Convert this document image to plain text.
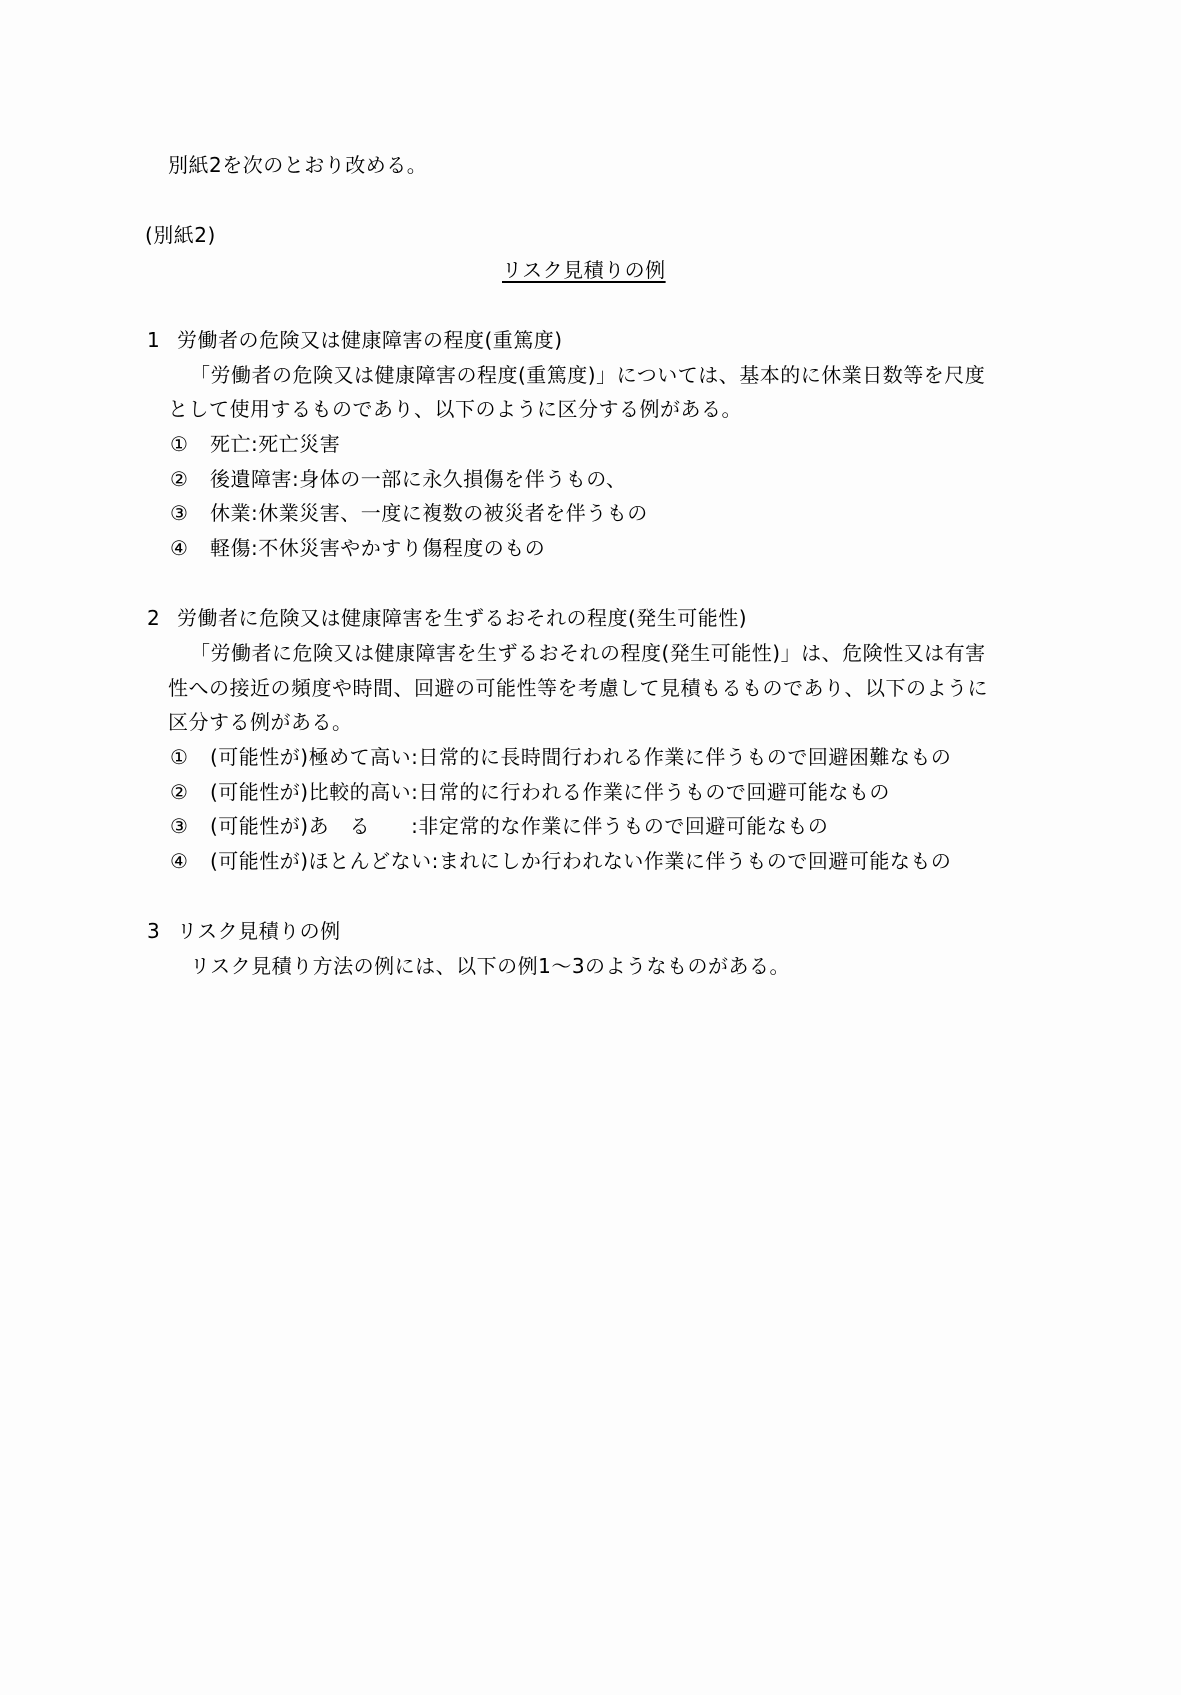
別紙2を次のとおり改める。
(別紙2)
リスク見積りの例
1 労働者の危険又は健康障害の程度(重篤度)
「労働者の危険又は健康障害の程度(重篤度)」については、基本的に休業日数等を尺度
として使用するものであり、以下のように区分する例がある。
① 死亡:死亡災害
② 後遺障害:身体の一部に永久損傷を伴うもの、
③ 休業:休業災害、一度に複数の被災者を伴うもの
④ 軽傷:不休災害やかすり傷程度のもの
2 労働者に危険又は健康障害を生ずるおそれの程度(発生可能性)
「労働者に危険又は健康障害を生ずるおそれの程度(発生可能性)」は、危険性又は有害
性への接近の頻度や時間、回避の可能性等を考慮して見積もるものであり、以下のように
区分する例がある。
① (可能性が)極めて高い:日常的に長時間行われる作業に伴うもので回避困難なもの
② (可能性が)比較的高い:日常的に行われる作業に伴うもので回避可能なもの
③ (可能性が)あ　る　　:非定常的な作業に伴うもので回避可能なもの
④ (可能性が)ほとんどない:まれにしか行われない作業に伴うもので回避可能なもの
3 リスク見積りの例
リスク見積り方法の例には、以下の例1～3のようなものがある。
